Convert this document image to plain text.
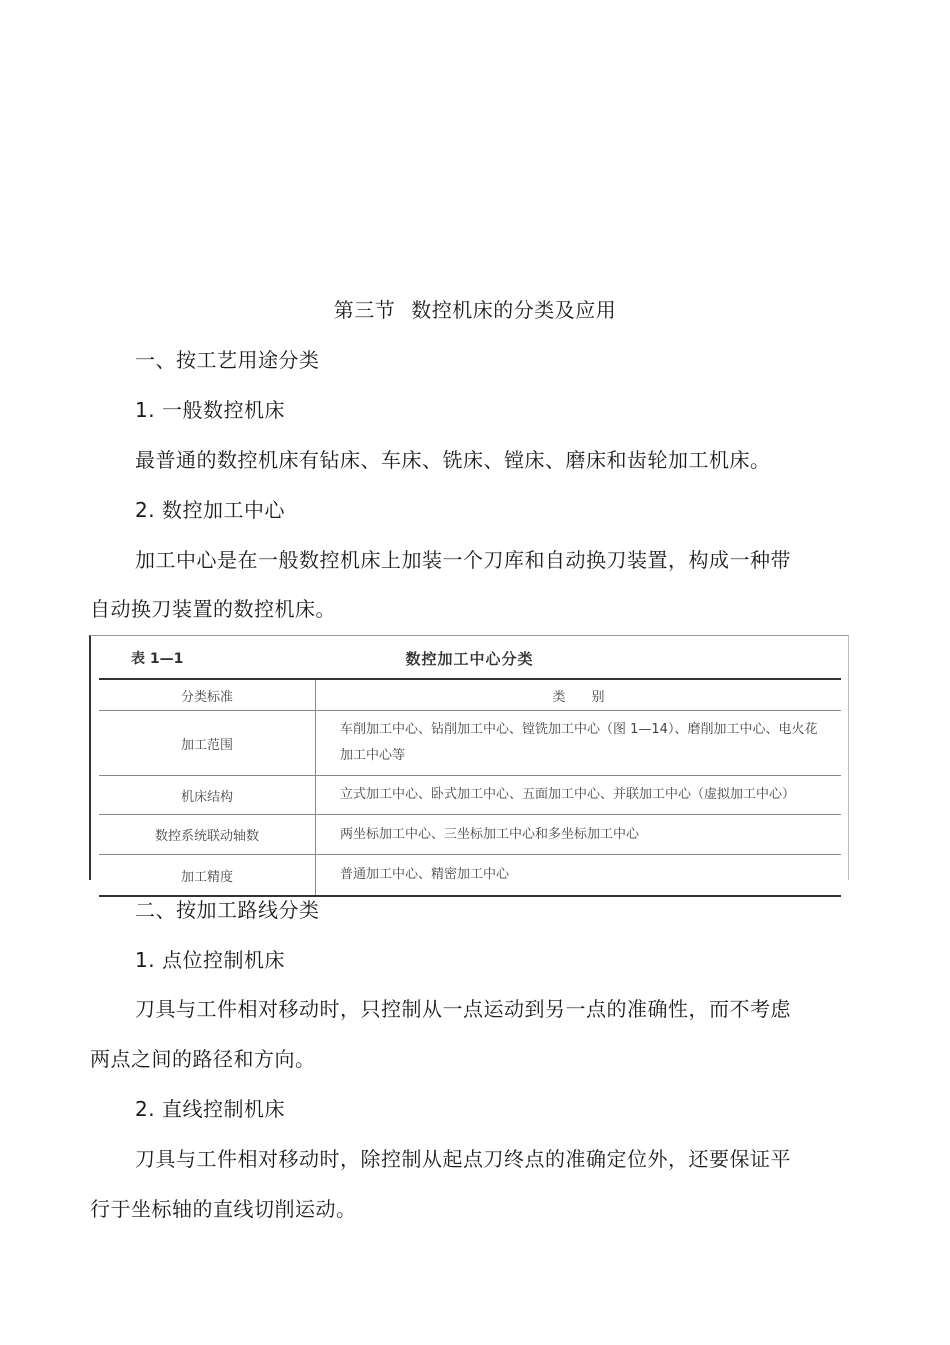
第三节 数控机床的分类及应用
一、按工艺用途分类
1. 一般数控机床
最普通的数控机床有钻床、车床、铣床、镗床、磨床和齿轮加工机床。
2. 数控加工中心
加工中心是在一般数控机床上加装一个刀库和自动换刀装置，构成一种带
自动换刀装置的数控机床。
表 1—1	数控加工中心分类
分类标准	类　　别
加工范围	车削加工中心、钻削加工中心、镗铣加工中心（图 1—14）、磨削加工中心、电火花加工中心等
机床结构	立式加工中心、卧式加工中心、五面加工中心、并联加工中心（虚拟加工中心）
数控系统联动轴数	两坐标加工中心、三坐标加工中心和多坐标加工中心
加工精度	普通加工中心、精密加工中心
二、按加工路线分类
1. 点位控制机床
刀具与工件相对移动时，只控制从一点运动到另一点的准确性，而不考虑
两点之间的路径和方向。
2. 直线控制机床
刀具与工件相对移动时，除控制从起点刀终点的准确定位外，还要保证平
行于坐标轴的直线切削运动。
